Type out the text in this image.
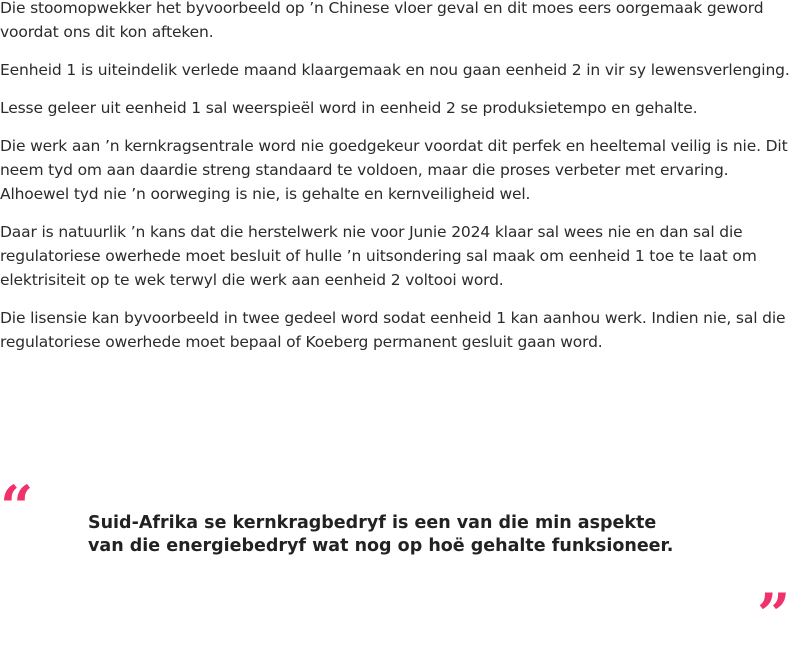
Die stoomopwekker het byvoorbeeld op ’n Chinese vloer geval en dit moes eers oorgemaak geword voordat ons dit kon afteken.

Eenheid 1 is uiteindelik verlede maand klaargemaak en nou gaan eenheid 2 in vir sy lewensverlenging.

Lesse geleer uit eenheid 1 sal weerspieël word in eenheid 2 se produksietempo en gehalte.

Die werk aan ’n kernkragsentrale word nie goedgekeur voordat dit perfek en heeltemal veilig is nie. Dit neem tyd om aan daardie streng standaard te voldoen, maar die proses verbeter met ervaring. Alhoewel tyd nie ’n oorweging is nie, is gehalte en kernveiligheid wel.

Daar is natuurlik ’n kans dat die herstelwerk nie voor Junie 2024 klaar sal wees nie en dan sal die regulatoriese owerhede moet besluit of hulle ’n uitsondering sal maak om eenheid 1 toe te laat om elektrisiteit op te wek terwyl die werk aan eenheid 2 voltooi word.

Die lisensie kan byvoorbeeld in twee gedeel word sodat eenheid 1 kan aanhou werk. Indien nie, sal die regulatoriese owerhede moet bepaal of Koeberg permanent gesluit gaan word.

“	Suid-Afrika se kernkragbedryf is een van die min aspekte van die energiebedryf wat nog op hoë gehalte funksioneer.

”
